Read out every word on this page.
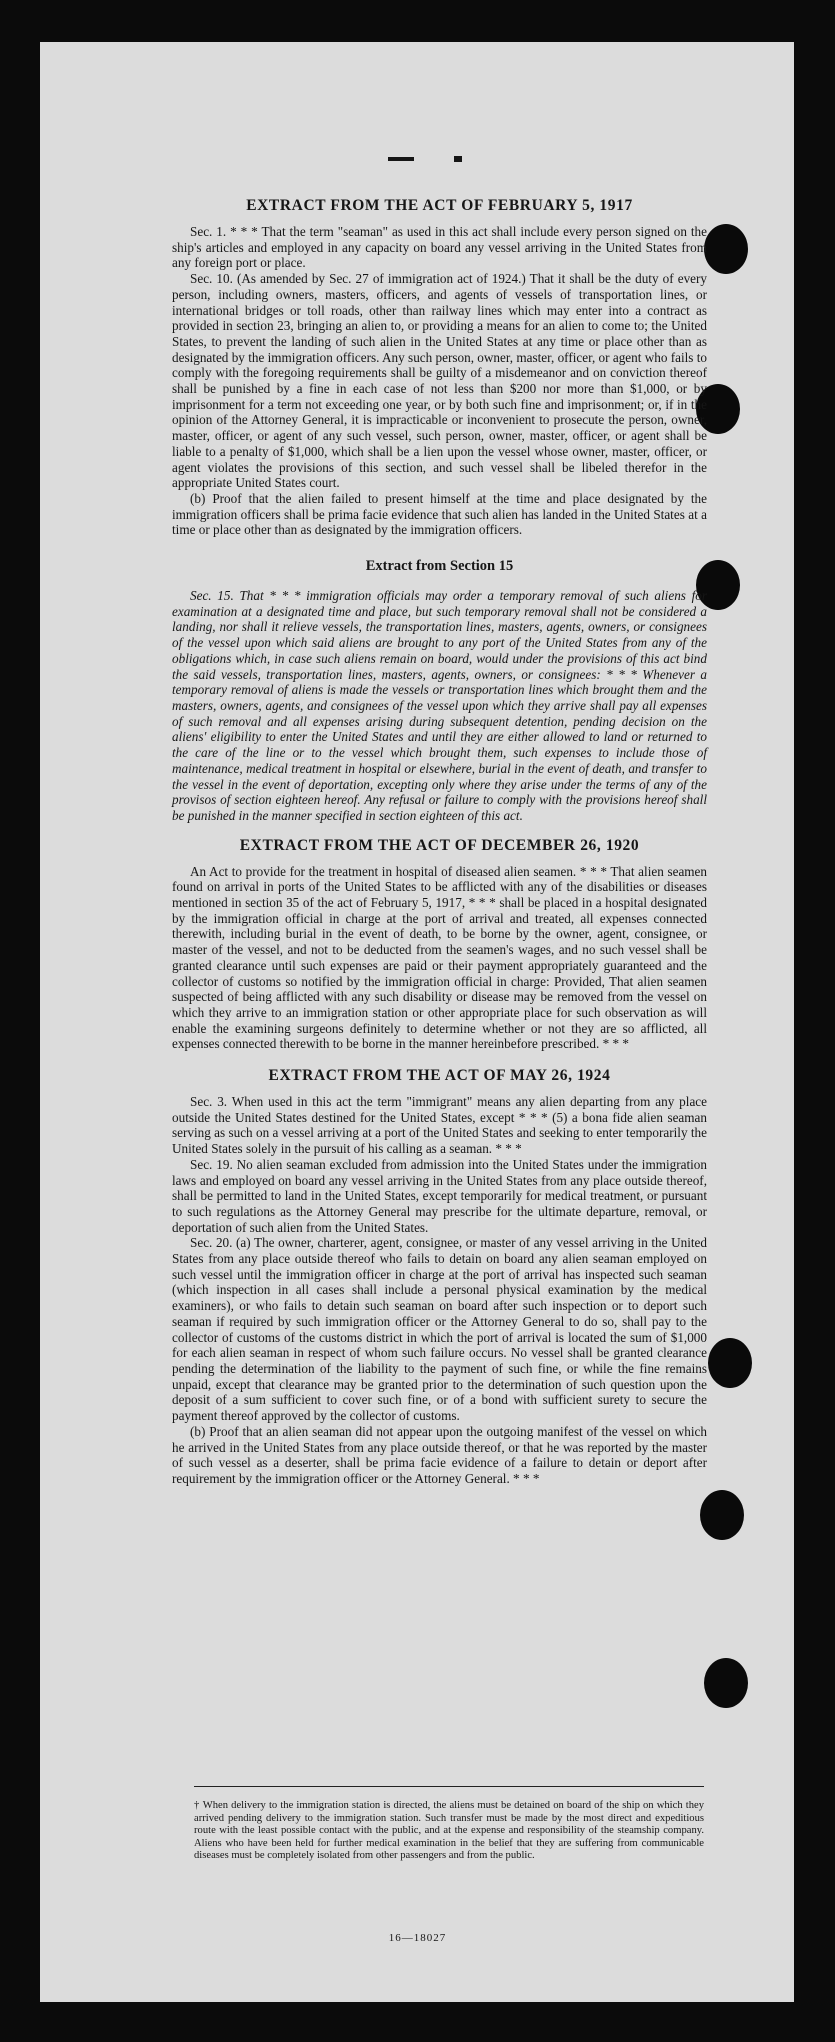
EXTRACT FROM THE ACT OF FEBRUARY 5, 1917

Sec. 1. * * * That the term "seaman" as used in this act shall include every person signed on the ship's articles and employed in any capacity on board any vessel arriving in the United States from any foreign port or place.

Sec. 10. (As amended by Sec. 27 of immigration act of 1924.) That it shall be the duty of every person, including owners, masters, officers, and agents of vessels of transportation lines, or international bridges or toll roads, other than railway lines which may enter into a contract as provided in section 23, bringing an alien to, or providing a means for an alien to come to; the United States, to prevent the landing of such alien in the United States at any time or place other than as designated by the immigration officers. Any such person, owner, master, officer, or agent who fails to comply with the foregoing requirements shall be guilty of a misdemeanor and on conviction thereof shall be punished by a fine in each case of not less than $200 nor more than $1,000, or by imprisonment for a term not exceeding one year, or by both such fine and imprisonment; or, if in the opinion of the Attorney General, it is impracticable or inconvenient to prosecute the person, owner, master, officer, or agent of any such vessel, such person, owner, master, officer, or agent shall be liable to a penalty of $1,000, which shall be a lien upon the vessel whose owner, master, officer, or agent violates the provisions of this section, and such vessel shall be libeled therefor in the appropriate United States court.

(b) Proof that the alien failed to present himself at the time and place designated by the immigration officers shall be prima facie evidence that such alien has landed in the United States at a time or place other than as designated by the immigration officers.

Extract from Section 15

Sec. 15. That * * * immigration officials may order a temporary removal of such aliens for examination at a designated time and place, but such temporary removal shall not be considered a landing, nor shall it relieve vessels, the transportation lines, masters, agents, owners, or consignees of the vessel upon which said aliens are brought to any port of the United States from any of the obligations which, in case such aliens remain on board, would under the provisions of this act bind the said vessels, transportation lines, masters, agents, owners, or consignees: * * * Whenever a temporary removal of aliens is made the vessels or transportation lines which brought them and the masters, owners, agents, and consignees of the vessel upon which they arrive shall pay all expenses of such removal and all expenses arising during subsequent detention, pending decision on the aliens' eligibility to enter the United States and until they are either allowed to land or returned to the care of the line or to the vessel which brought them, such expenses to include those of maintenance, medical treatment in hospital or elsewhere, burial in the event of death, and transfer to the vessel in the event of deportation, excepting only where they arise under the terms of any of the provisos of section eighteen hereof. Any refusal or failure to comply with the provisions hereof shall be punished in the manner specified in section eighteen of this act.

EXTRACT FROM THE ACT OF DECEMBER 26, 1920

An Act to provide for the treatment in hospital of diseased alien seamen. * * * That alien seamen found on arrival in ports of the United States to be afflicted with any of the disabilities or diseases mentioned in section 35 of the act of February 5, 1917, * * * shall be placed in a hospital designated by the immigration official in charge at the port of arrival and treated, all expenses connected therewith, including burial in the event of death, to be borne by the owner, agent, consignee, or master of the vessel, and not to be deducted from the seamen's wages, and no such vessel shall be granted clearance until such expenses are paid or their payment appropriately guaranteed and the collector of customs so notified by the immigration official in charge: Provided, That alien seamen suspected of being afflicted with any such disability or disease may be removed from the vessel on which they arrive to an immigration station or other appropriate place for such observation as will enable the examining surgeons definitely to determine whether or not they are so afflicted, all expenses connected therewith to be borne in the manner hereinbefore prescribed. * * *

EXTRACT FROM THE ACT OF MAY 26, 1924

Sec. 3. When used in this act the term "immigrant" means any alien departing from any place outside the United States destined for the United States, except * * * (5) a bona fide alien seaman serving as such on a vessel arriving at a port of the United States and seeking to enter temporarily the United States solely in the pursuit of his calling as a seaman. * * *

Sec. 19. No alien seaman excluded from admission into the United States under the immigration laws and employed on board any vessel arriving in the United States from any place outside thereof, shall be permitted to land in the United States, except temporarily for medical treatment, or pursuant to such regulations as the Attorney General may prescribe for the ultimate departure, removal, or deportation of such alien from the United States.

Sec. 20. (a) The owner, charterer, agent, consignee, or master of any vessel arriving in the United States from any place outside thereof who fails to detain on board any alien seaman employed on such vessel until the immigration officer in charge at the port of arrival has inspected such seaman (which inspection in all cases shall include a personal physical examination by the medical examiners), or who fails to detain such seaman on board after such inspection or to deport such seaman if required by such immigration officer or the Attorney General to do so, shall pay to the collector of customs of the customs district in which the port of arrival is located the sum of $1,000 for each alien seaman in respect of whom such failure occurs. No vessel shall be granted clearance pending the determination of the liability to the payment of such fine, or while the fine remains unpaid, except that clearance may be granted prior to the determination of such question upon the deposit of a sum sufficient to cover such fine, or of a bond with sufficient surety to secure the payment thereof approved by the collector of customs.

(b) Proof that an alien seaman did not appear upon the outgoing manifest of the vessel on which he arrived in the United States from any place outside thereof, or that he was reported by the master of such vessel as a deserter, shall be prima facie evidence of a failure to detain or deport after requirement by the immigration officer or the Attorney General. * * *

† When delivery to the immigration station is directed, the aliens must be detained on board of the ship on which they arrived pending delivery to the immigration station. Such transfer must be made by the most direct and expeditious route with the least possible contact with the public, and at the expense and responsibility of the steamship company. Aliens who have been held for further medical examination in the belief that they are suffering from communicable diseases must be completely isolated from other passengers and from the public.

16—18027
